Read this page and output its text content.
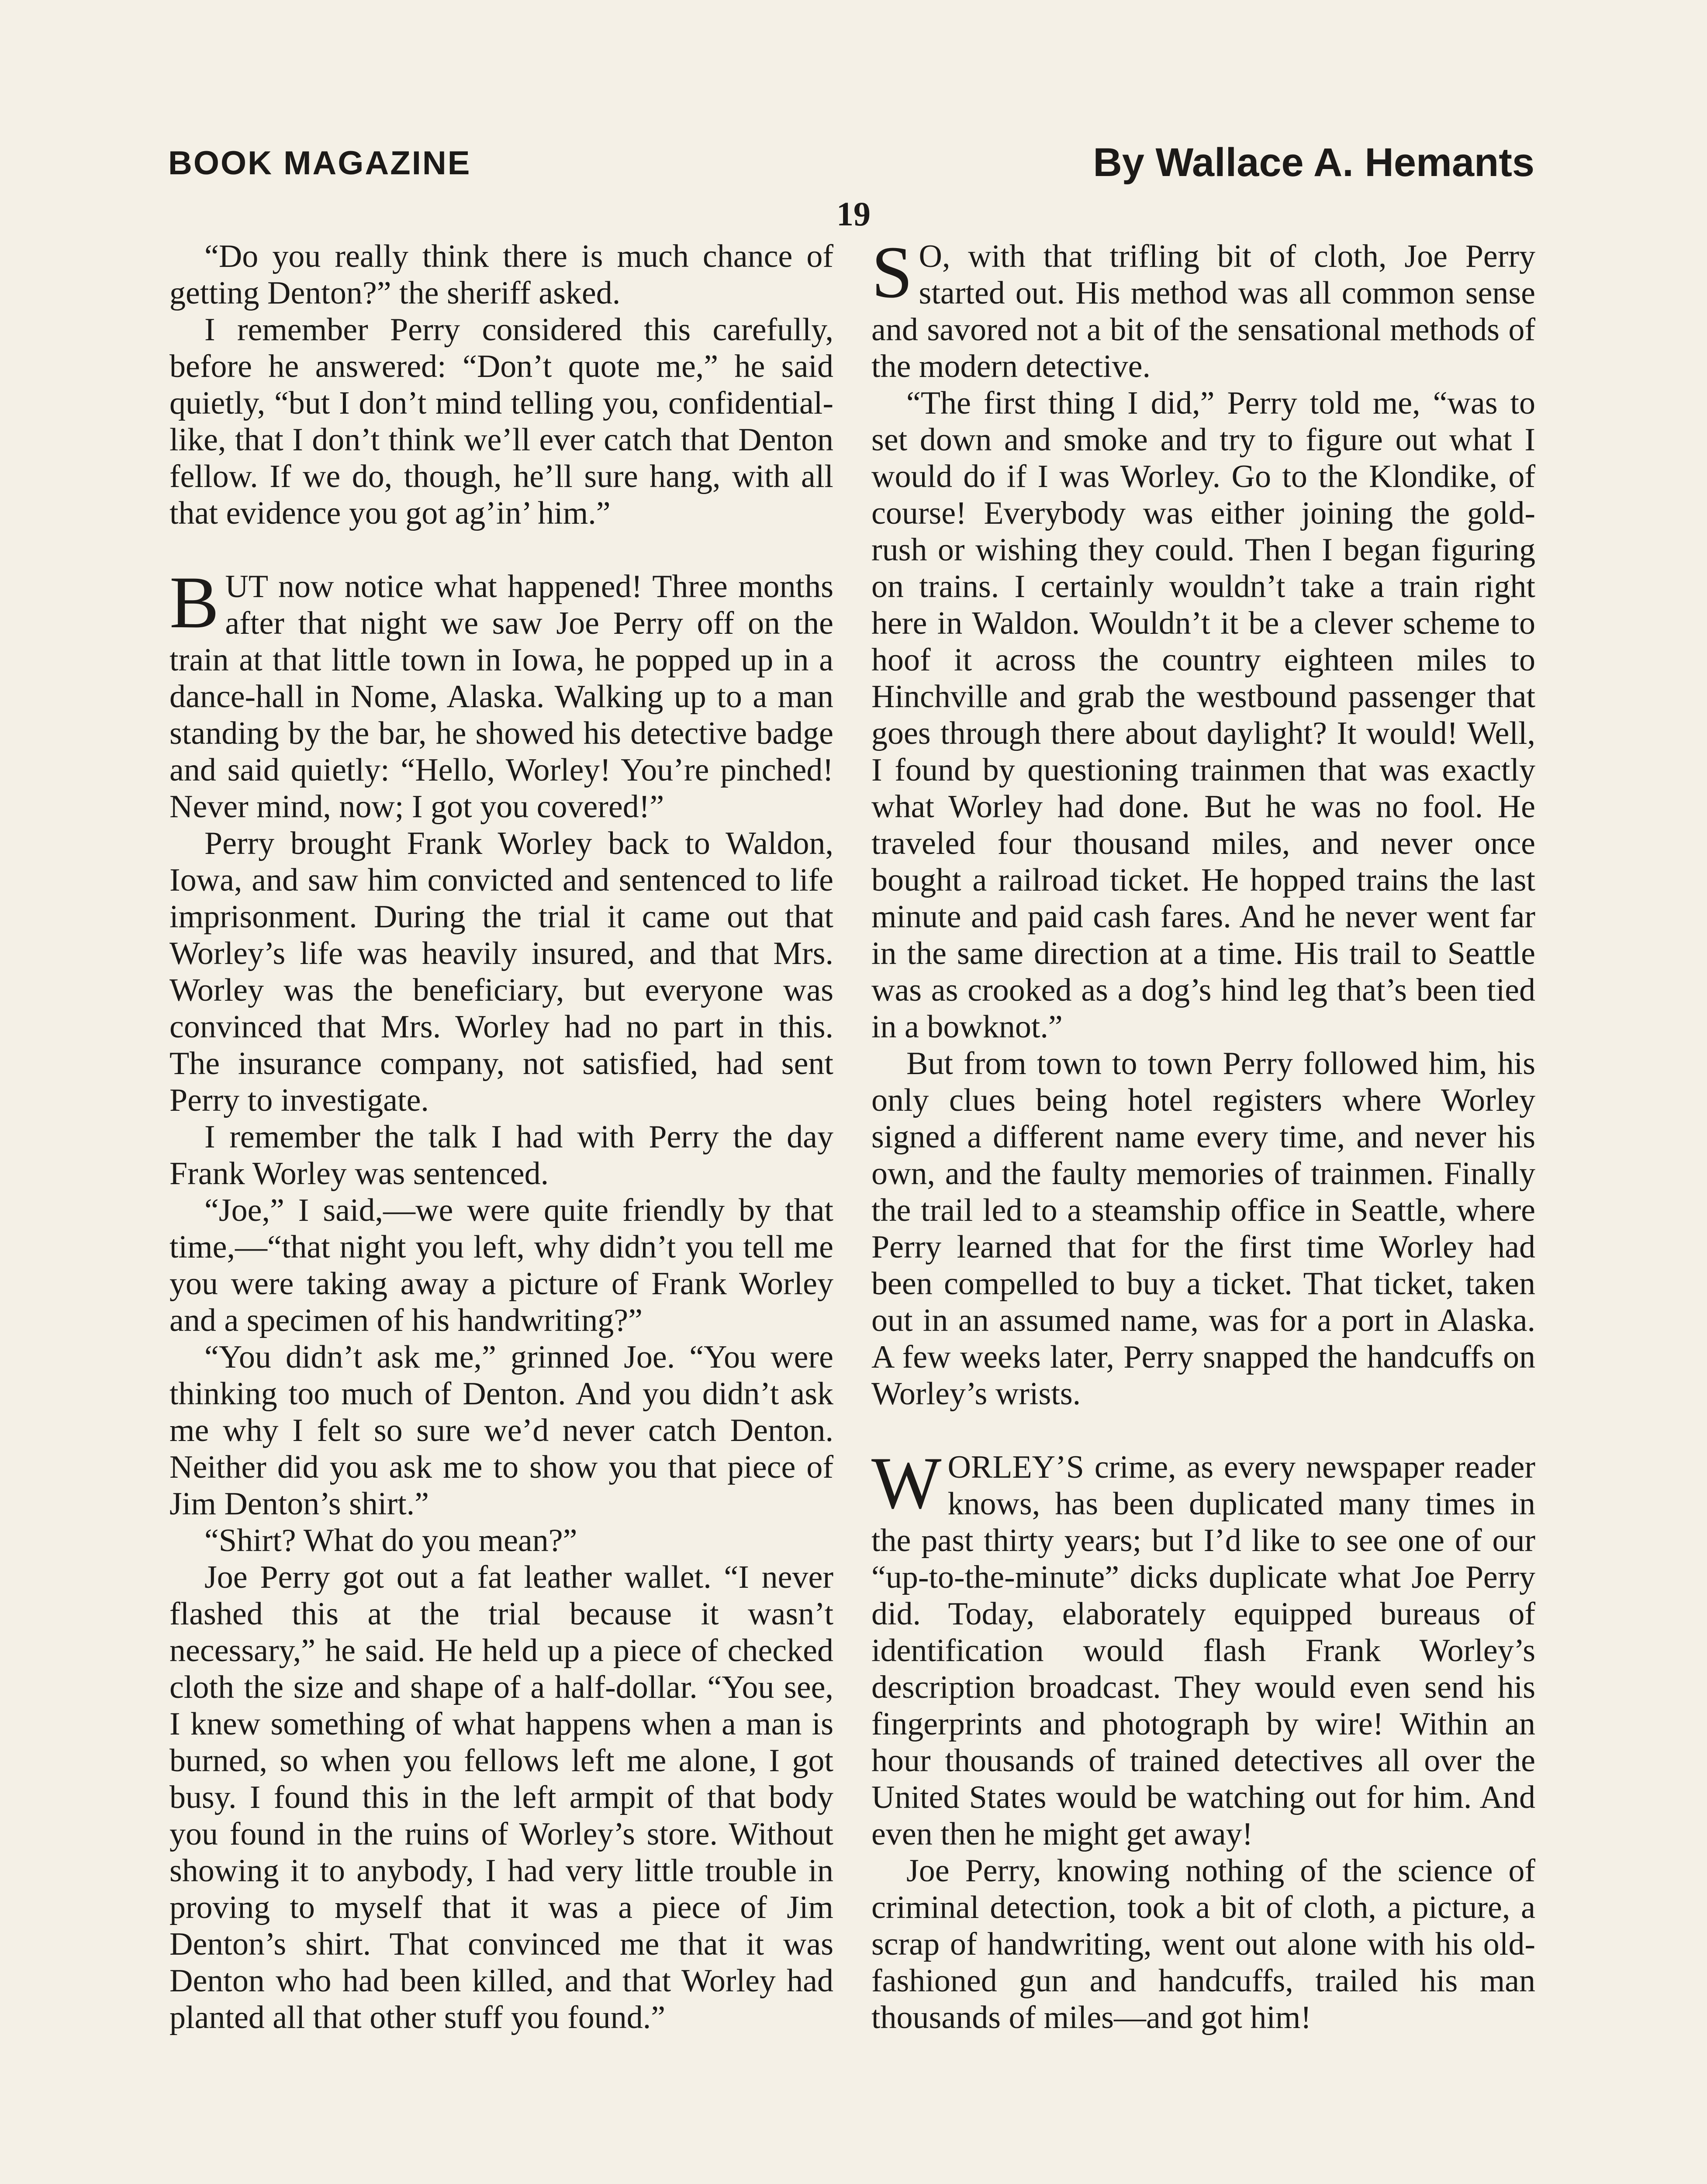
BOOK MAGAZINE	By Wallace A. Hemants
19

“Do you really think there is much chance of getting Denton?” the sheriff asked.

I remember Perry considered this carefully, before he answered: “Don’t quote me,” he said quietly, “but I don’t mind telling you, confidential-like, that I don’t think we’ll ever catch that Denton fellow. If we do, though, he’ll sure hang, with all that evidence you got ag’in’ him.”

BUT now notice what happened! Three months after that night we saw Joe Perry off on the train at that little town in Iowa, he popped up in a dance-hall in Nome, Alaska. Walking up to a man standing by the bar, he showed his detective badge and said quietly: “Hello, Worley! You’re pinched! Never mind, now; I got you covered!”

Perry brought Frank Worley back to Waldon, Iowa, and saw him convicted and sentenced to life imprisonment. During the trial it came out that Worley’s life was heavily insured, and that Mrs. Worley was the beneficiary, but everyone was convinced that Mrs. Worley had no part in this. The insurance company, not satisfied, had sent Perry to investigate.

I remember the talk I had with Perry the day Frank Worley was sentenced.

“Joe,” I said,—we were quite friendly by that time,—“that night you left, why didn’t you tell me you were taking away a picture of Frank Worley and a specimen of his handwriting?”

“You didn’t ask me,” grinned Joe. “You were thinking too much of Denton. And you didn’t ask me why I felt so sure we’d never catch Denton. Neither did you ask me to show you that piece of Jim Denton’s shirt.”

“Shirt? What do you mean?”

Joe Perry got out a fat leather wallet. “I never flashed this at the trial because it wasn’t necessary,” he said. He held up a piece of checked cloth the size and shape of a half-dollar. “You see, I knew something of what happens when a man is burned, so when you fellows left me alone, I got busy. I found this in the left armpit of that body you found in the ruins of Worley’s store. Without showing it to anybody, I had very little trouble in proving to myself that it was a piece of Jim Denton’s shirt. That convinced me that it was Denton who had been killed, and that Worley had planted all that other stuff you found.”

S O, with that trifling bit of cloth, Joe Perry started out. His method was all common sense and savored not a bit of the sensational methods of the modern detective.

“The first thing I did,” Perry told me, “was to set down and smoke and try to figure out what I would do if I was Worley. Go to the Klondike, of course! Everybody was either joining the gold-rush or wishing they could. Then I began figuring on trains. I certainly wouldn’t take a train right here in Waldon. Wouldn’t it be a clever scheme to hoof it across the country eighteen miles to Hinchville and grab the westbound passenger that goes through there about daylight? It would! Well, I found by questioning trainmen that was exactly what Worley had done. But he was no fool. He traveled four thousand miles, and never once bought a railroad ticket. He hopped trains the last minute and paid cash fares. And he never went far in the same direction at a time. His trail to Seattle was as crooked as a dog’s hind leg that’s been tied in a bowknot.”

But from town to town Perry followed him, his only clues being hotel registers where Worley signed a different name every time, and never his own, and the faulty memories of trainmen. Finally the trail led to a steamship office in Seattle, where Perry learned that for the first time Worley had been compelled to buy a ticket. That ticket, taken out in an assumed name, was for a port in Alaska. A few weeks later, Perry snapped the handcuffs on Worley’s wrists.

WORLEY’S crime, as every newspaper reader knows, has been duplicated many times in the past thirty years; but I’d like to see one of our “up-to-the-minute” dicks duplicate what Joe Perry did. Today, elaborately equipped bureaus of identification would flash Frank Worley’s description broadcast. They would even send his fingerprints and photograph by wire! Within an hour thousands of trained detectives all over the United States would be watching out for him. And even then he might get away!

Joe Perry, knowing nothing of the science of criminal detection, took a bit of cloth, a picture, a scrap of handwriting, went out alone with his old-fashioned gun and handcuffs, trailed his man thousands of miles—and got him!
